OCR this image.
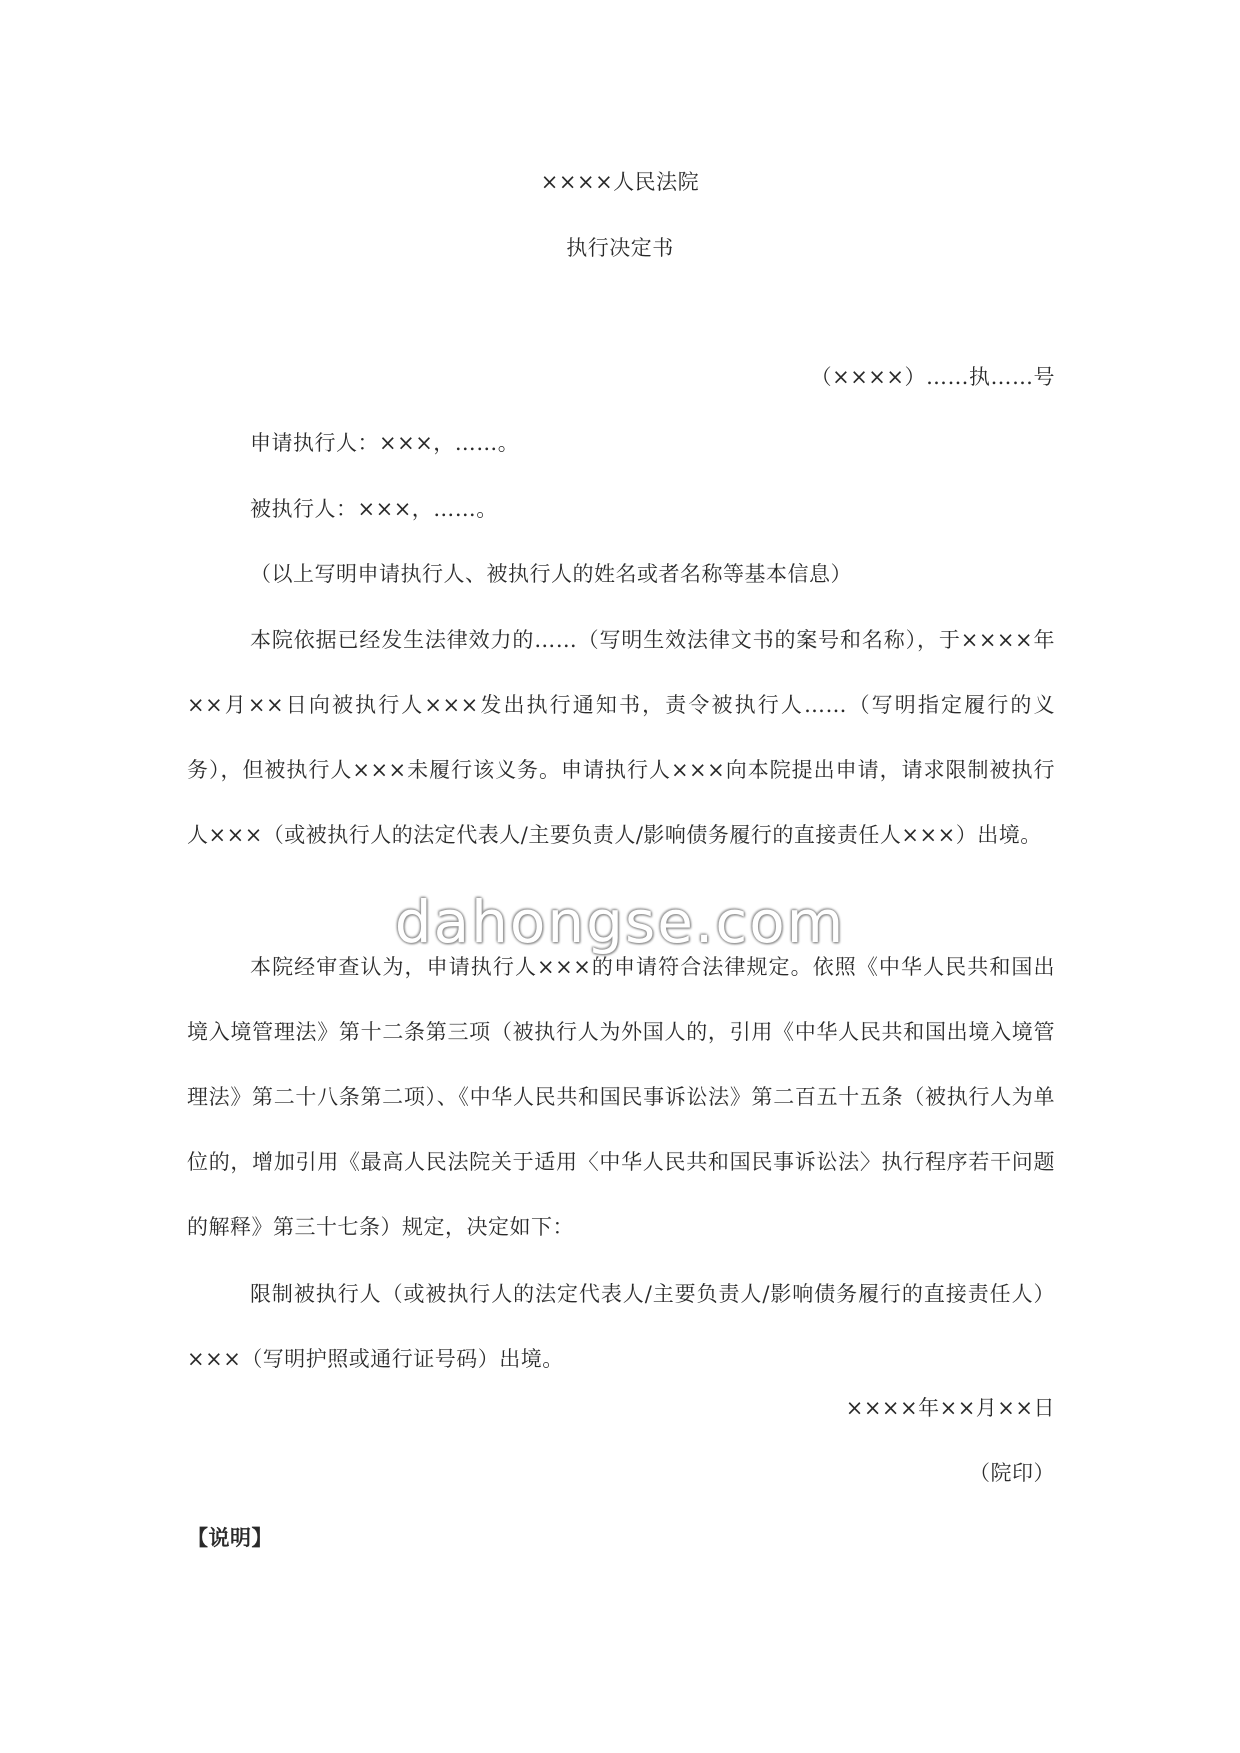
××××人民法院
执行决定书
（××××）……执……号
申请执行人：×××，……。
被执行人：×××，……。
（以上写明申请执行人、被执行人的姓名或者名称等基本信息）
本院依据已经发生法律效力的……（写明生效法律文书的案号和名称），于××××年××月××日向被执行人×××发出执行通知书，责令被执行人……（写明指定履行的义务），但被执行人×××未履行该义务。申请执行人×××向本院提出申请，请求限制被执行人×××（或被执行人的法定代表人/主要负责人/影响债务履行的直接责任人×××）出境。
本院经审查认为，申请执行人×××的申请符合法律规定。依照《中华人民共和国出境入境管理法》第十二条第三项（被执行人为外国人的，引用《中华人民共和国出境入境管理法》第二十八条第二项）、《中华人民共和国民事诉讼法》第二百五十五条（被执行人为单位的，增加引用《最高人民法院关于适用〈中华人民共和国民事诉讼法〉执行程序若干问题的解释》第三十七条）规定，决定如下：
限制被执行人（或被执行人的法定代表人/主要负责人/影响债务履行的直接责任人）×××（写明护照或通行证号码）出境。
××××年××月××日
（院印）
【说明】
dahongse.com
